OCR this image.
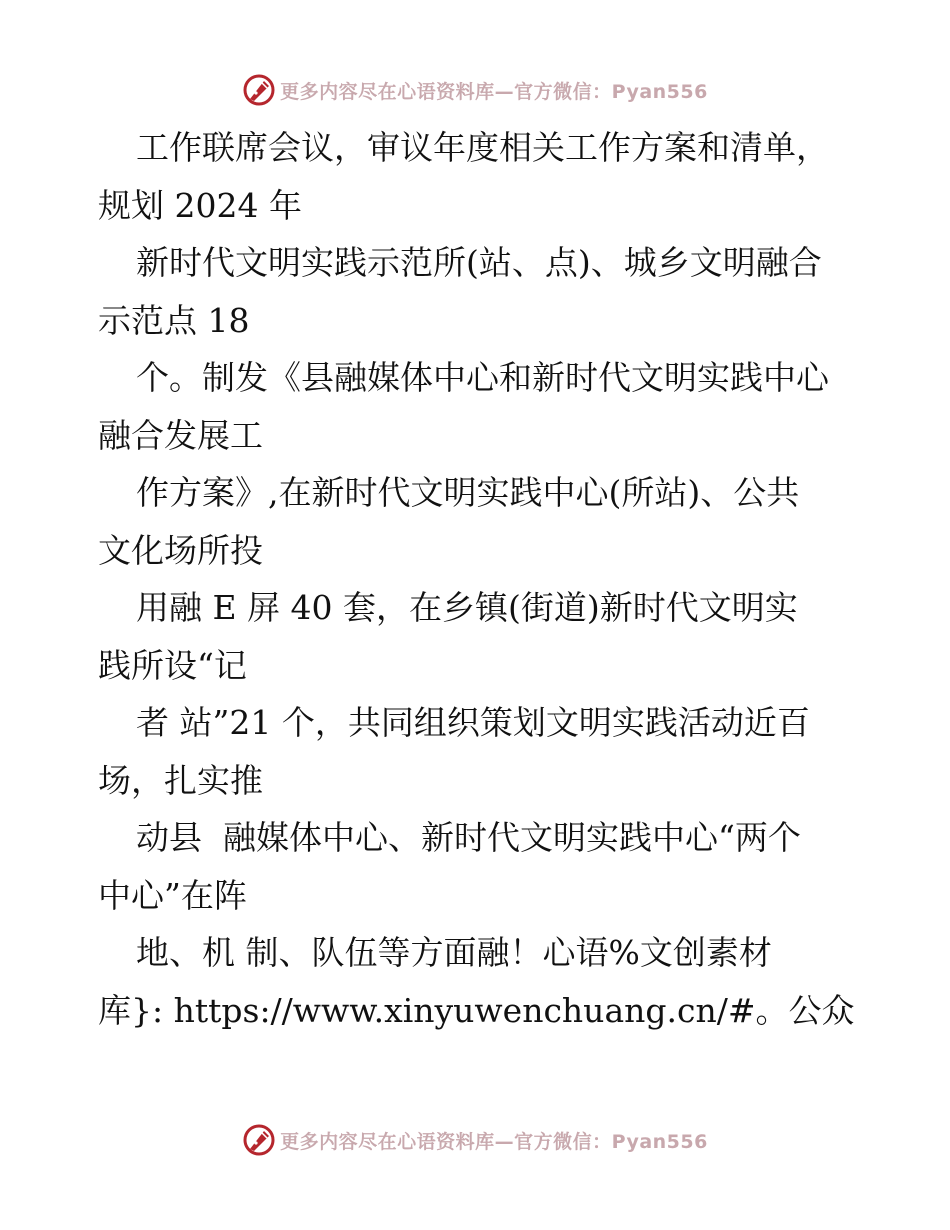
更多内容尽在心语资料库—官方微信：Pyan556
工作联席会议，审议年度相关工作方案和清单，
规划 2024 年
新时代文明实践示范所(站、点)、城乡文明融合
示范点 18
个。制发《县融媒体中心和新时代文明实践中心
融合发展工
作方案》,在新时代文明实践中心(所站)、公共
文化场所投
用融 E 屏 40 套，在乡镇(街道)新时代文明实
践所设“记
者 站”21 个，共同组织策划文明实践活动近百
场，扎实推
动县  融媒体中心、新时代文明实践中心“两个
中心”在阵
地、机 制、队伍等方面融！心语%文创素材
库}: https://www.xinyuwenchuang.cn/#。公众
更多内容尽在心语资料库—官方微信：Pyan556
